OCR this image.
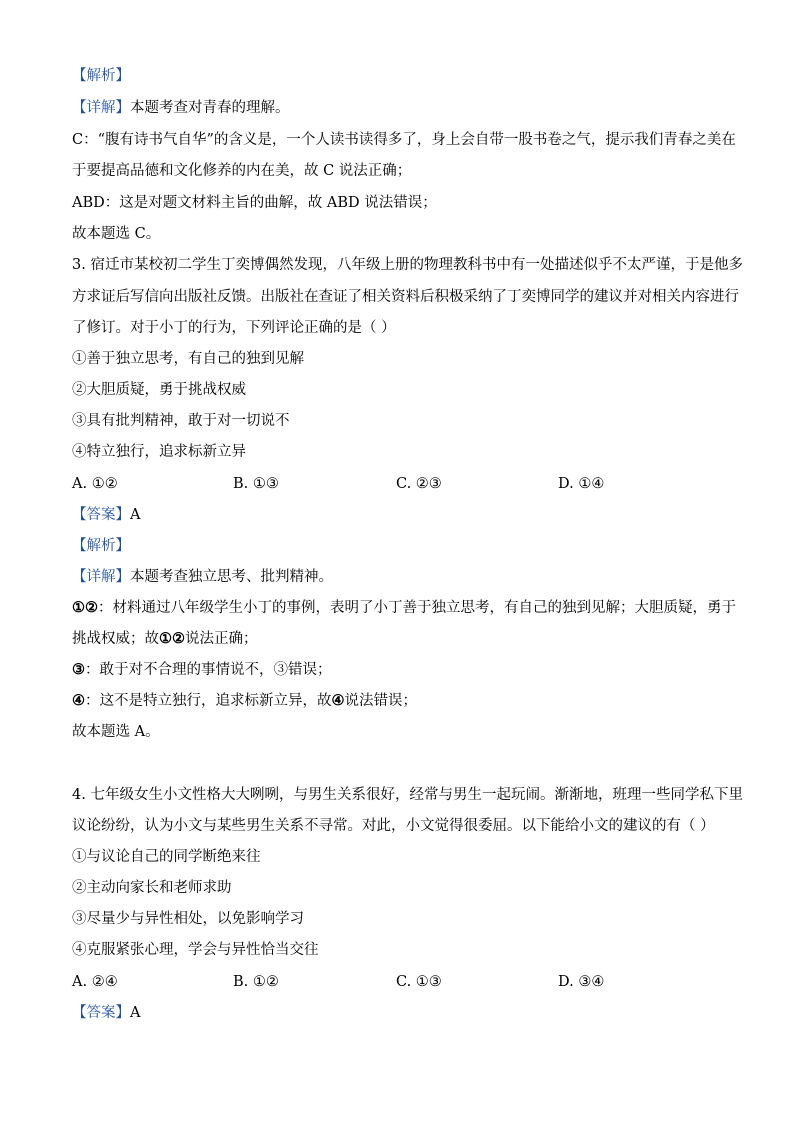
【解析】
【详解】本题考查对青春的理解。
C：“腹有诗书气自华”的含义是，一个人读书读得多了，身上会自带一股书卷之气，提示我们青春之美在
于要提高品德和文化修养的内在美，故 C 说法正确；
ABD：这是对题文材料主旨的曲解，故 ABD 说法错误；
故本题选 C。
3. 宿迁市某校初二学生丁奕博偶然发现，八年级上册的物理教科书中有一处描述似乎不太严谨，于是他多
方求证后写信向出版社反馈。出版社在查证了相关资料后积极采纳了丁奕博同学的建议并对相关内容进行
了修订。对于小丁的行为，下列评论正确的是（ ）
①善于独立思考，有自己的独到见解
②大胆质疑，勇于挑战权威
③具有批判精神，敢于对一切说不
④特立独行，追求标新立异
A. ①②	B. ①③	C. ②③	D. ①④
【答案】A
【解析】
【详解】本题考查独立思考、批判精神。
①②：材料通过八年级学生小丁的事例，表明了小丁善于独立思考，有自己的独到见解；大胆质疑，勇于
挑战权威；故①②说法正确；
③：敢于对不合理的事情说不，③错误；
④：这不是特立独行，追求标新立异，故④说法错误；
故本题选 A。
4. 七年级女生小文性格大大咧咧，与男生关系很好，经常与男生一起玩闹。渐渐地，班理一些同学私下里
议论纷纷，认为小文与某些男生关系不寻常。对此，小文觉得很委屈。以下能给小文的建议的有（ ）
①与议论自己的同学断绝来往
②主动向家长和老师求助
③尽量少与异性相处，以免影响学习
④克服紧张心理，学会与异性恰当交往
A. ②④	B. ①②	C. ①③	D. ③④
【答案】A
